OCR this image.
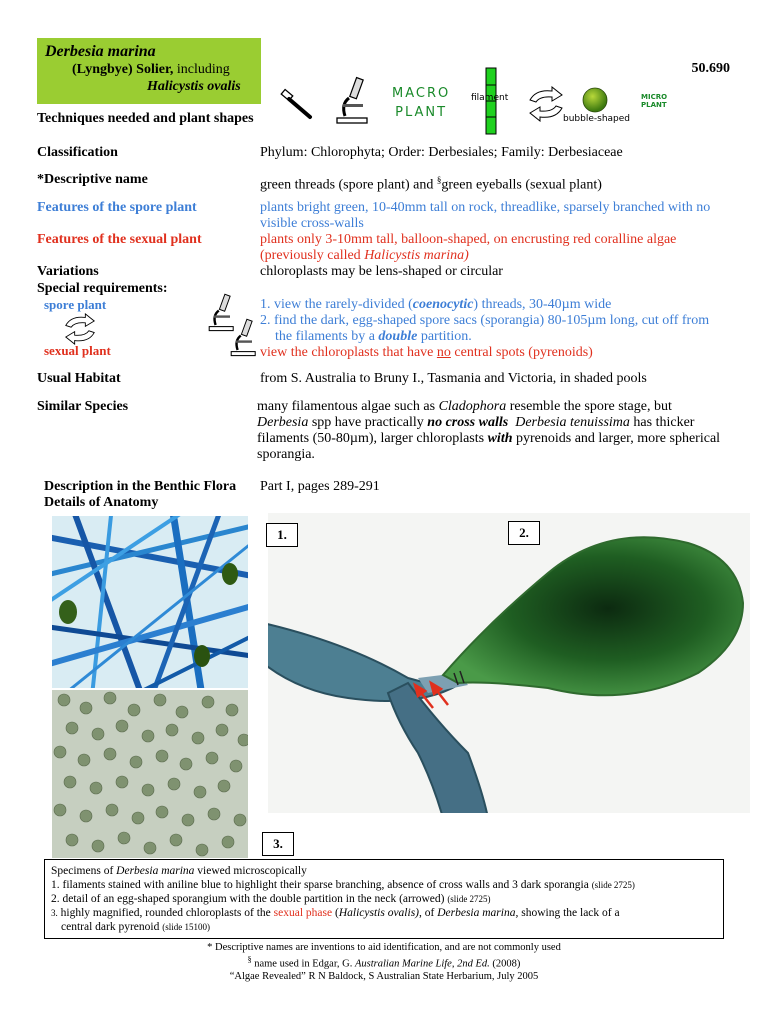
Derbesia marina
(Lyngbye) Solier, including
Halicystis ovalis
50.690
Techniques needed and plant shapes
MACRO
PLANT
filament
bubble-shaped
MICRO
PLANT
Classification	Phylum: Chlorophyta; Order: Derbesiales; Family: Derbesiaceae
*Descriptive name	green threads (spore plant) and §green eyeballs (sexual plant)
Features of the spore plant	plants bright green, 10-40mm tall on rock, threadlike, sparsely branched with no
visible cross-walls
Features of the sexual plant	plants only 3-10mm tall, balloon-shaped, on encrusting red coralline algae
(previously called Halicystis marina)
Variations	chloroplasts may be lens-shaped or circular
Special requirements:
spore plant
sexual plant
1. view the rarely-divided (coenocytic) threads, 30-40µm wide
2. find the dark, egg-shaped spore sacs (sporangia) 80-105µm long, cut off from
the filaments by a double partition.
view the chloroplasts that have no central spots (pyrenoids)
Usual Habitat	from S. Australia to Bruny I., Tasmania and Victoria, in shaded pools
Similar Species	many filamentous algae such as Cladophora resemble the spore stage, but
Derbesia spp have practically no cross walls Derbesia tenuissima has thicker
filaments (50-80µm), larger chloroplasts with pyrenoids and larger, more spherical
sporangia.
Description in the Benthic Flora Part I, pages 289-291
Details of Anatomy
1.	2.
3.
Specimens of Derbesia marina viewed microscopically
1. filaments stained with aniline blue to highlight their sparse branching, absence of cross walls and 3 dark sporangia (slide 2725)
2. detail of an egg-shaped sporangium with the double partition in the neck (arrowed) (slide 2725)
3. highly magnified, rounded chloroplasts of the sexual phase (Halicystis ovalis), of Derbesia marina, showing the lack of a
central dark pyrenoid (slide 15100)
* Descriptive names are inventions to aid identification, and are not commonly used
§ name used in Edgar, G. Australian Marine Life, 2nd Ed. (2008)
“Algae Revealed” R N Baldock, S Australian State Herbarium, July 2005
